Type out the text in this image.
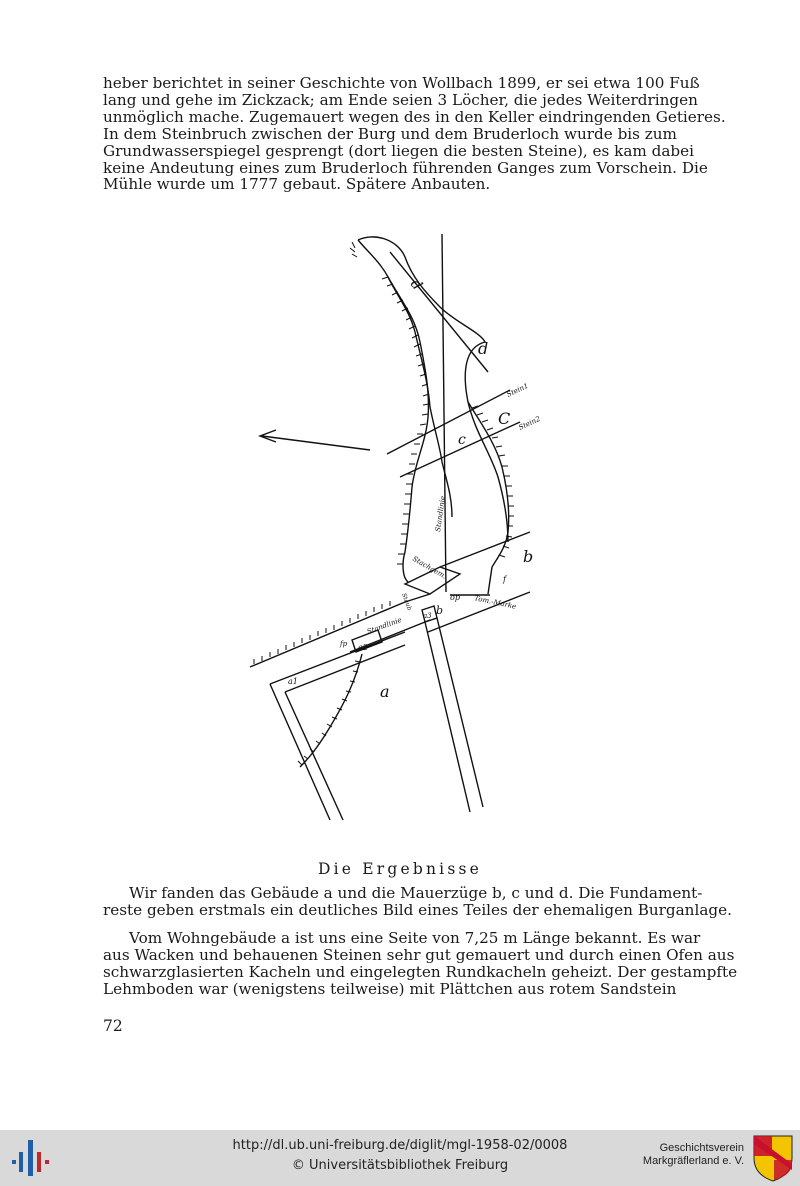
heber berichtet in seiner Geschichte von Wollbach 1899, er sei etwa 100 Fuß
lang und gehe im Zickzack; am Ende seien 3 Löcher, die jedes Weiterdringen
unmöglich mache. Zugemauert wegen des in den Keller eindringenden Getieres.
In dem Steinbruch zwischen der Burg und dem Bruderloch wurde bis zum
Grundwasserspiegel gesprengt (dort liegen die besten Steine), es kam dabei
keine Andeutung eines zum Bruderloch führenden Ganges zum Vorschein. Die
Mühle wurde um 1777 gebaut. Spätere Anbauten.
d
d
c
C
Stein1
Stein2
Standlinie
Stachgem.	b
f
op Tom.-Marke
Staub b
a3
Standlinie
fp a2
a1
a
Die Ergebnisse
Wir fanden das Gebäude a und die Mauerzüge b, c und d. Die Fundament-
reste geben erstmals ein deutliches Bild eines Teiles der ehemaligen Burganlage.
Vom Wohngebäude a ist uns eine Seite von 7,25 m Länge bekannt. Es war
aus Wacken und behauenen Steinen sehr gut gemauert und durch einen Ofen aus
schwarzglasierten Kacheln und eingelegten Rundkacheln geheizt. Der gestampfte
Lehmboden war (wenigstens teilweise) mit Plättchen aus rotem Sandstein
72
http://dl.ub.uni-freiburg.de/diglit/mgl-1958-02/0008
© Universitätsbibliothek Freiburg
Geschichtsverein
Markgräflerland e. V.
